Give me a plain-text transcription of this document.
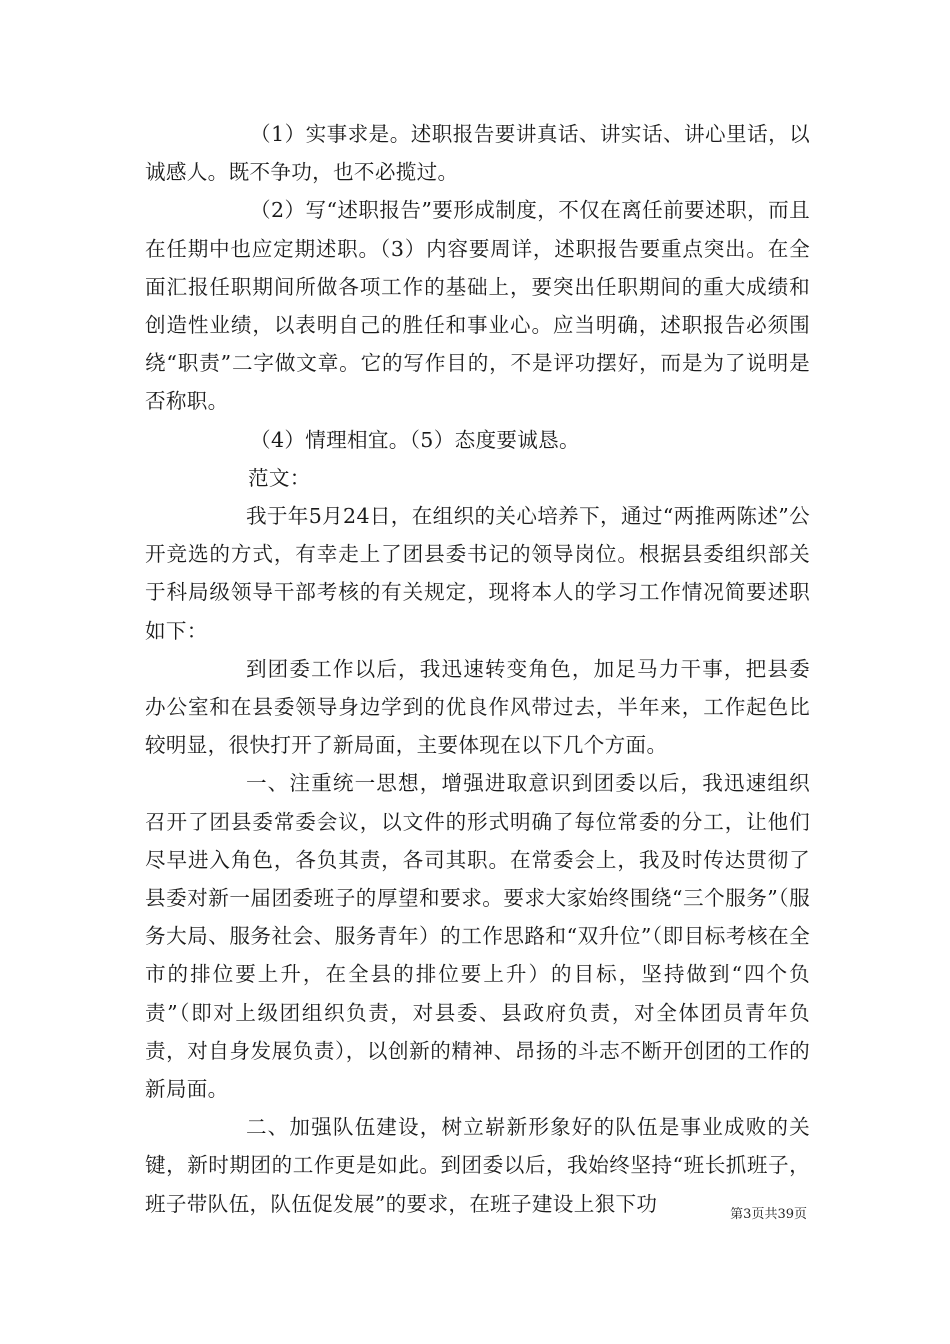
（1）实事求是。述职报告要讲真话、讲实话、讲心里话，以诚感人。既不争功，也不必揽过。

（2）写“述职报告”要形成制度，不仅在离任前要述职，而且在任期中也应定期述职。（3）内容要周详，述职报告要重点突出。在全面汇报任职期间所做各项工作的基础上，要突出任职期间的重大成绩和创造性业绩，以表明自己的胜任和事业心。应当明确，述职报告必须围绕“职责”二字做文章。它的写作目的，不是评功摆好，而是为了说明是否称职。

（4）情理相宜。（5）态度要诚恳。

范文：

我于年5月24日，在组织的关心培养下，通过“两推两陈述”公开竞选的方式，有幸走上了团县委书记的领导岗位。根据县委组织部关于科局级领导干部考核的有关规定，现将本人的学习工作情况简要述职如下：

到团委工作以后，我迅速转变角色，加足马力干事，把县委办公室和在县委领导身边学到的优良作风带过去，半年来，工作起色比较明显，很快打开了新局面，主要体现在以下几个方面。

一、注重统一思想，增强进取意识到团委以后，我迅速组织召开了团县委常委会议，以文件的形式明确了每位常委的分工，让他们尽早进入角色，各负其责，各司其职。在常委会上，我及时传达贯彻了县委对新一届团委班子的厚望和要求。要求大家始终围绕“三个服务”（服务大局、服务社会、服务青年）的工作思路和“双升位”（即目标考核在全市的排位要上升，在全县的排位要上升）的目标，坚持做到“四个负责”（即对上级团组织负责，对县委、县政府负责，对全体团员青年负责，对自身发展负责），以创新的精神、昂扬的斗志不断开创团的工作的新局面。

二、加强队伍建设，树立崭新形象好的队伍是事业成败的关键，新时期团的工作更是如此。到团委以后，我始终坚持“班长抓班子，班子带队伍，队伍促发展”的要求，在班子建设上狠下功	第3页共39页
